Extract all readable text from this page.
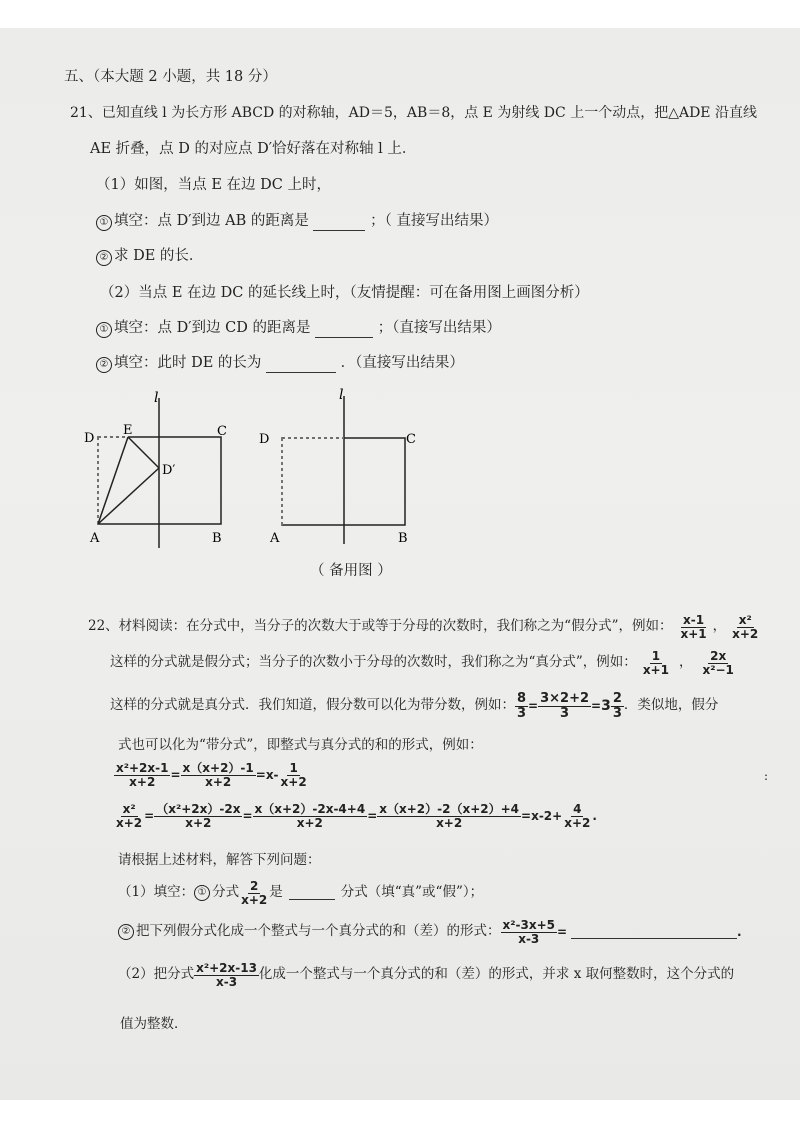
五、（本大题 2 小题，共 18 分）
21、已知直线 l 为长方形 ABCD 的对称轴，AD＝5，AB＝8，点 E 为射线 DC 上一个动点，把△ADE 沿直线
AE 折叠，点 D 的对应点 D′恰好落在对称轴 l 上．
（1）如图，当点 E 在边 DC 上时，
① 填空：点 D′到边 AB 的距离是	；（ 直接写出结果）
② 求 DE 的长．
（2）当点 E 在边 DC 的延长线上时，（友情提醒：可在备用图上画图分析）
① 填空：点 D′到边 CD 的距离是	；（直接写出结果）
② 填空：此时 DE 的长为	．（直接写出结果）
l
D
E	C
D′
A	B
l
D	C
A	B
（ 备用图 ）
22、材料阅读：在分式中，当分子的次数大于或等于分母的次数时，我们称之为“假分式”，例如： $\frac{x-1}{x+1}$ ， $\frac{\text{x²}}{x+2}$
这样的分式就是假分式；当分子的次数小于分母的次数时，我们称之为“真分式”，例如： $\frac{1}{x+1}$ ， $\frac{2x}{\text{x²−1}}$
这样的分式就是真分式．我们知道，假分数可以化为带分数，例如： $\frac{8}{3} = \frac{3\times 2+2}{3} = 3 \frac{2}{3}$ ．类似地，假分
式也可以化为“带分式”，即整式与真分式的和的形式，例如：
$\frac{\text{x²+2x-1}}{x+2} = \frac{x(x+2)-1}{x+2} =x- \frac{1}{x+2}$	:
$\frac{\text{x²}}{x+2} = \frac{\text{（x²+2x）-2x}}{x+2} = \frac{x(x+2)-2x-4+4}{x+2} = \frac{x(x+2)-2(x+2)+4}{x+2} =x-2+ \frac{4}{x+2}$ .
请根据上述材料，解答下列问题：
（1）填空： ① 分式 $\frac{2}{x+2}$ 是	分式（填“真”或“假”）；
② 把下列假分式化成一个整式与一个真分式的和（差）的形式： $\frac{\text{x²-3x+5}}{x-3}$ =	.
（2）把分式 $\frac{\text{x²+2x-13}}{x-3}$ 化成一个整式与一个真分式的和（差）的形式，并求 x 取何整数时，这个分式的
值为整数．
